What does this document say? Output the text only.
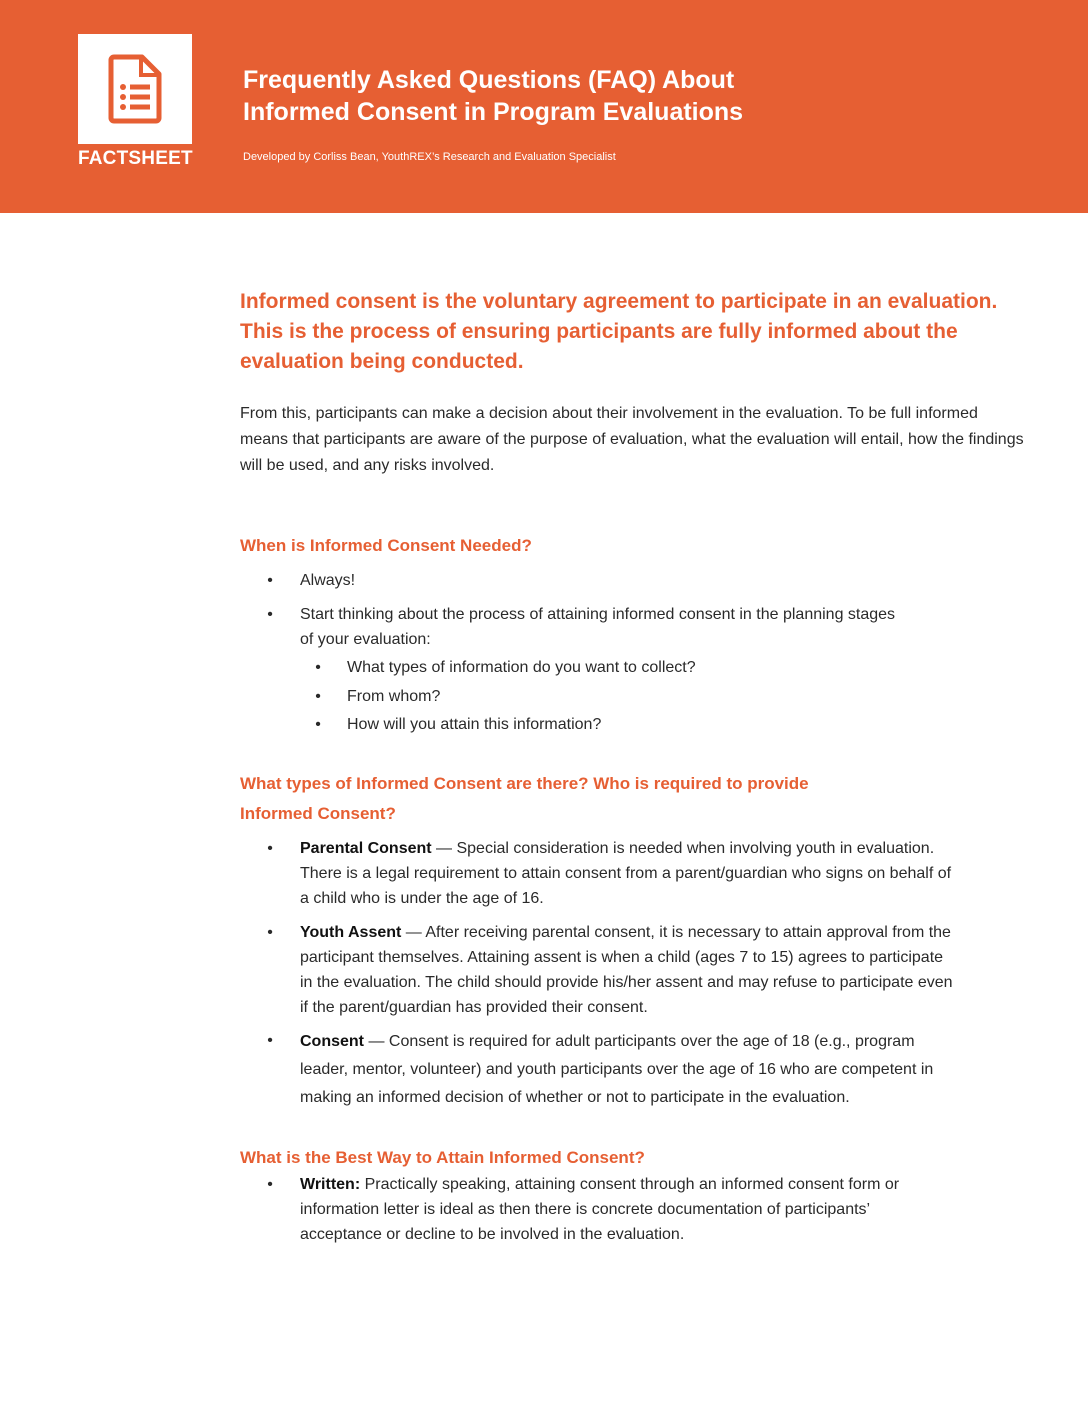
FACTSHEET
Frequently Asked Questions (FAQ) About
Informed Consent in Program Evaluations
Developed by Corliss Bean, YouthREX’s Research and Evaluation Specialist
Informed consent is the voluntary agreement to participate in an evaluation. This is the process of ensuring participants are fully informed about the evaluation being conducted.
From this, participants can make a decision about their involvement in the evaluation. To be full informed means that participants are aware of the purpose of evaluation, what the evaluation will entail, how the findings will be used, and any risks involved.
When is Informed Consent Needed?
• Always!
• Start thinking about the process of attaining informed consent in the planning stages of your evaluation:
• What types of information do you want to collect?
• From whom?
• How will you attain this information?
What types of Informed Consent are there? Who is required to provide Informed Consent?
• Parental Consent — Special consideration is needed when involving youth in evaluation. There is a legal requirement to attain consent from a parent/guardian who signs on behalf of a child who is under the age of 16.
• Youth Assent — After receiving parental consent, it is necessary to attain approval from the participant themselves. Attaining assent is when a child (ages 7 to 15) agrees to participate in the evaluation. The child should provide his/her assent and may refuse to participate even if the parent/guardian has provided their consent.
• Consent — Consent is required for adult participants over the age of 18 (e.g., program leader, mentor, volunteer) and youth participants over the age of 16 who are competent in making an informed decision of whether or not to participate in the evaluation.
What is the Best Way to Attain Informed Consent?
• Written: Practically speaking, attaining consent through an informed consent form or information letter is ideal as then there is concrete documentation of participants’ acceptance or decline to be involved in the evaluation.
